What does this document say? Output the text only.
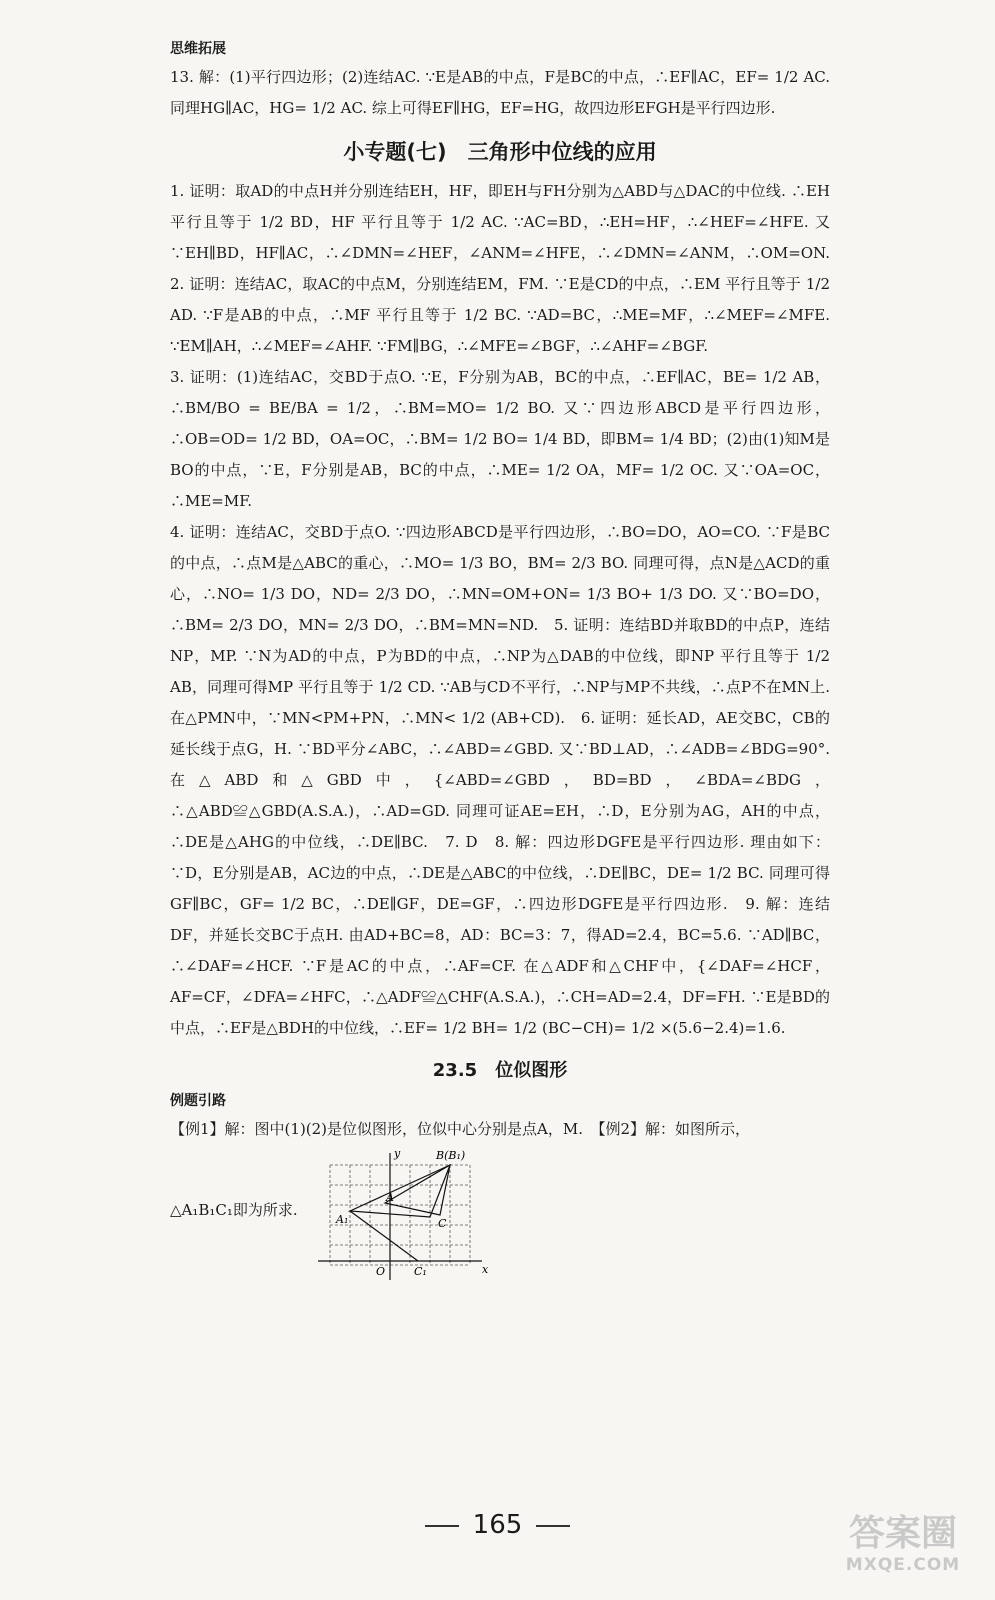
思维拓展

13. 解：(1)平行四边形；(2)连结AC. ∵E是AB的中点，F是BC的中点，∴EF∥AC，EF= 1/2 AC. 同理HG∥AC，HG= 1/2 AC. 综上可得EF∥HG，EF=HG，故四边形EFGH是平行四边形.

小专题(七)　三角形中位线的应用

1. 证明：取AD的中点H并分别连结EH，HF，即EH与FH分别为△ABD与△DAC的中位线. ∴EH 平行且等于 1/2 BD，HF 平行且等于 1/2 AC. ∵AC=BD，∴EH=HF，∴∠HEF=∠HFE. 又∵EH∥BD，HF∥AC，∴∠DMN=∠HEF，∠ANM=∠HFE，∴∠DMN=∠ANM，∴OM=ON.　2. 证明：连结AC，取AC的中点M，分别连结EM，FM. ∵E是CD的中点，∴EM 平行且等于 1/2 AD. ∵F是AB的中点，∴MF 平行且等于 1/2 BC. ∵AD=BC，∴ME=MF，∴∠MEF=∠MFE. ∵EM∥AH，∴∠MEF=∠AHF. ∵FM∥BG，∴∠MFE=∠BGF，∴∠AHF=∠BGF.

3. 证明：(1)连结AC，交BD于点O. ∵E，F分别为AB，BC的中点，∴EF∥AC，BE= 1/2 AB，∴BM/BO = BE/BA = 1/2，∴BM=MO= 1/2 BO. 又∵四边形ABCD是平行四边形，∴OB=OD= 1/2 BD，OA=OC，∴BM= 1/2 BO= 1/4 BD，即BM= 1/4 BD；(2)由(1)知M是BO的中点，∵E，F分别是AB，BC的中点，∴ME= 1/2 OA，MF= 1/2 OC. 又∵OA=OC，∴ME=MF.

4. 证明：连结AC，交BD于点O. ∵四边形ABCD是平行四边形，∴BO=DO，AO=CO. ∵F是BC的中点，∴点M是△ABC的重心，∴MO= 1/3 BO，BM= 2/3 BO. 同理可得，点N是△ACD的重心，∴NO= 1/3 DO，ND= 2/3 DO，∴MN=OM+ON= 1/3 BO+ 1/3 DO. 又∵BO=DO，∴BM= 2/3 DO，MN= 2/3 DO，∴BM=MN=ND.　5. 证明：连结BD并取BD的中点P，连结NP，MP. ∵N为AD的中点，P为BD的中点，∴NP为△DAB的中位线，即NP 平行且等于 1/2 AB，同理可得MP 平行且等于 1/2 CD. ∵AB与CD不平行，∴NP与MP不共线，∴点P不在MN上. 在△PMN中，∵MN<PM+PN，∴MN< 1/2 (AB+CD).　6. 证明：延长AD，AE交BC，CB的延长线于点G，H. ∵BD平分∠ABC，∴∠ABD=∠GBD. 又∵BD⊥AD，∴∠ADB=∠BDG=90°. 在△ABD和△GBD中，{∠ABD=∠GBD，BD=BD，∠BDA=∠BDG，∴△ABD≌△GBD(A.S.A.)，∴AD=GD. 同理可证AE=EH，∴D，E分别为AG，AH的中点，∴DE是△AHG的中位线，∴DE∥BC.　7. D　8. 解：四边形DGFE是平行四边形. 理由如下：∵D，E分别是AB，AC边的中点，∴DE是△ABC的中位线，∴DE∥BC，DE= 1/2 BC. 同理可得GF∥BC，GF= 1/2 BC，∴DE∥GF，DE=GF，∴四边形DGFE是平行四边形.　9. 解：连结DF，并延长交BC于点H. 由AD+BC=8，AD：BC=3：7，得AD=2.4，BC=5.6. ∵AD∥BC，∴∠DAF=∠HCF. ∵F是AC的中点，∴AF=CF. 在△ADF和△CHF中，{∠DAF=∠HCF，AF=CF，∠DFA=∠HFC，∴△ADF≌△CHF(A.S.A.)，∴CH=AD=2.4，DF=FH. ∵E是BD的中点，∴EF是△BDH的中位线，∴EF= 1/2 BH= 1/2 (BC−CH)= 1/2 ×(5.6−2.4)=1.6.

23.5　位似图形
例题引路

【例1】解：图中(1)(2)是位似图形，位似中心分别是点A，M.　【例2】解：如图所示，

△A₁B₁C₁即为所求.
y
x
O
B(B₁)
A
A₁	C
C₁
165	答案圈
MXQE.COM
